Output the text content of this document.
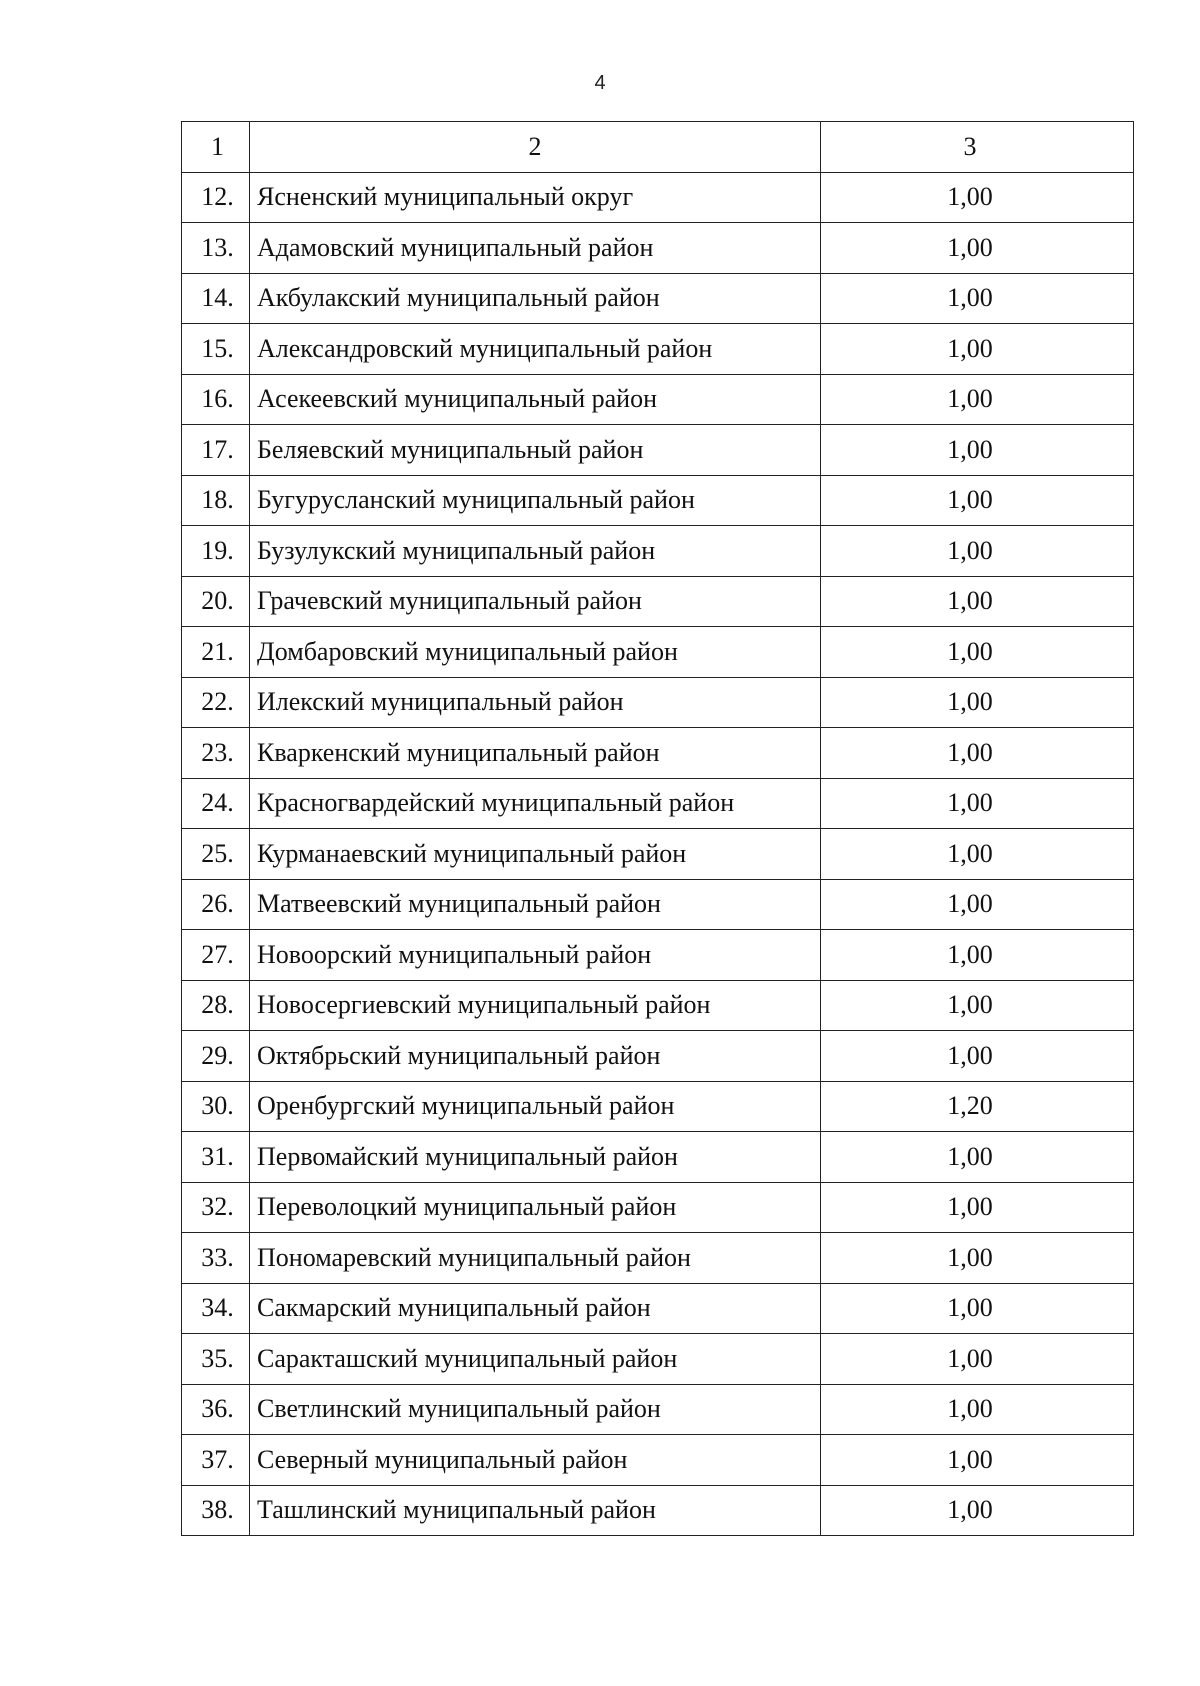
4
1	2	3
12.	Ясненский муниципальный округ	1,00
13.	Адамовский муниципальный район	1,00
14.	Акбулакский муниципальный район	1,00
15.	Александровский муниципальный район	1,00
16.	Асекеевский муниципальный район	1,00
17.	Беляевский муниципальный район	1,00
18.	Бугурусланский муниципальный район	1,00
19.	Бузулукский муниципальный район	1,00
20.	Грачевский муниципальный район	1,00
21.	Домбаровский муниципальный район	1,00
22.	Илекский муниципальный район	1,00
23.	Кваркенский муниципальный район	1,00
24.	Красногвардейский муниципальный район	1,00
25.	Курманаевский муниципальный район	1,00
26.	Матвеевский муниципальный район	1,00
27.	Новоорский муниципальный район	1,00
28.	Новосергиевский муниципальный район	1,00
29.	Октябрьский муниципальный район	1,00
30.	Оренбургский муниципальный район	1,20
31.	Первомайский муниципальный район	1,00
32.	Переволоцкий муниципальный район	1,00
33.	Пономаревский муниципальный район	1,00
34.	Сакмарский муниципальный район	1,00
35.	Саракташский муниципальный район	1,00
36.	Светлинский муниципальный район	1,00
37.	Северный муниципальный район	1,00
38.	Ташлинский муниципальный район	1,00
